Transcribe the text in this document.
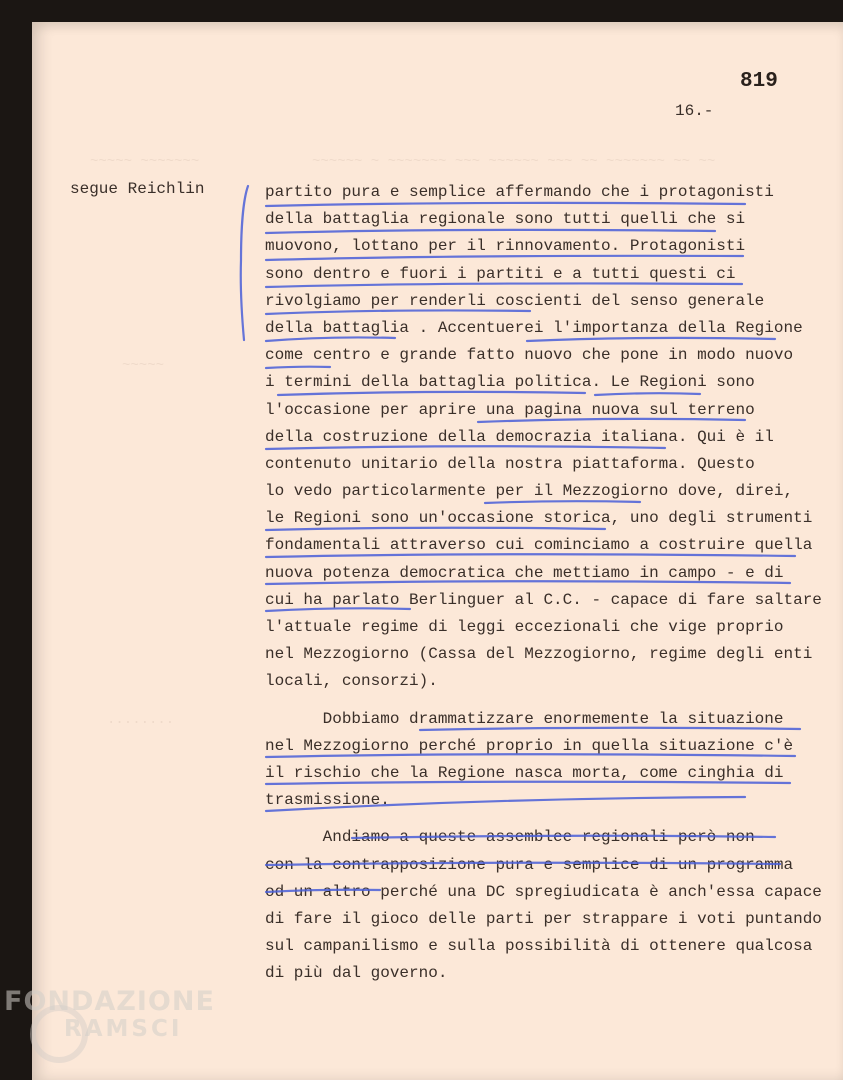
~~~~~ ~~~~~~~	~~~~~~ ~ ~~~~~~~ ~~~ ~~~~~~ ~~~ ~~ ~~~~~~~ ~~ ~~
~~~~~
........
819
16.-
segue Reichlin	partito pura e semplice affermando che i protagonisti
della battaglia regionale sono tutti quelli che si
muovono, lottano per il rinnovamento. Protagonisti
sono dentro e fuori i partiti e a tutti questi ci
rivolgiamo per renderli coscienti del senso generale
della battaglia . Accentuerei l'importanza della Regione
come centro e grande fatto nuovo che pone in modo nuovo
i termini della battaglia politica. Le Regioni sono
l'occasione per aprire una pagina nuova sul terreno
della costruzione della democrazia italiana. Qui è il
contenuto unitario della nostra piattaforma. Questo
lo vedo particolarmente per il Mezzogiorno dove, direi,
le Regioni sono un'occasione storica, uno degli strumenti
fondamentali attraverso cui cominciamo a costruire quella
nuova potenza democratica che mettiamo in campo - e di
cui ha parlato Berlinguer al C.C. - capace di fare saltare
l'attuale regime di leggi eccezionali che vige proprio
nel Mezzogiorno (Cassa del Mezzogiorno, regime degli enti
locali, consorzi).
Dobbiamo drammatizzare enormemente la situazione
nel Mezzogiorno perché proprio in quella situazione c'è
il rischio che la Regione nasca morta, come cinghia di
trasmissione.
Andiamo a queste assemblee regionali però non
con la contrapposizione pura e semplice di un programma
od un altro perché una DC spregiudicata è anch'essa capace
di fare il gioco delle parti per strappare i voti puntando
sul campanilismo e sulla possibilità di ottenere qualcosa
di più dal governo.
FONDAZIONE
RAMSCI
